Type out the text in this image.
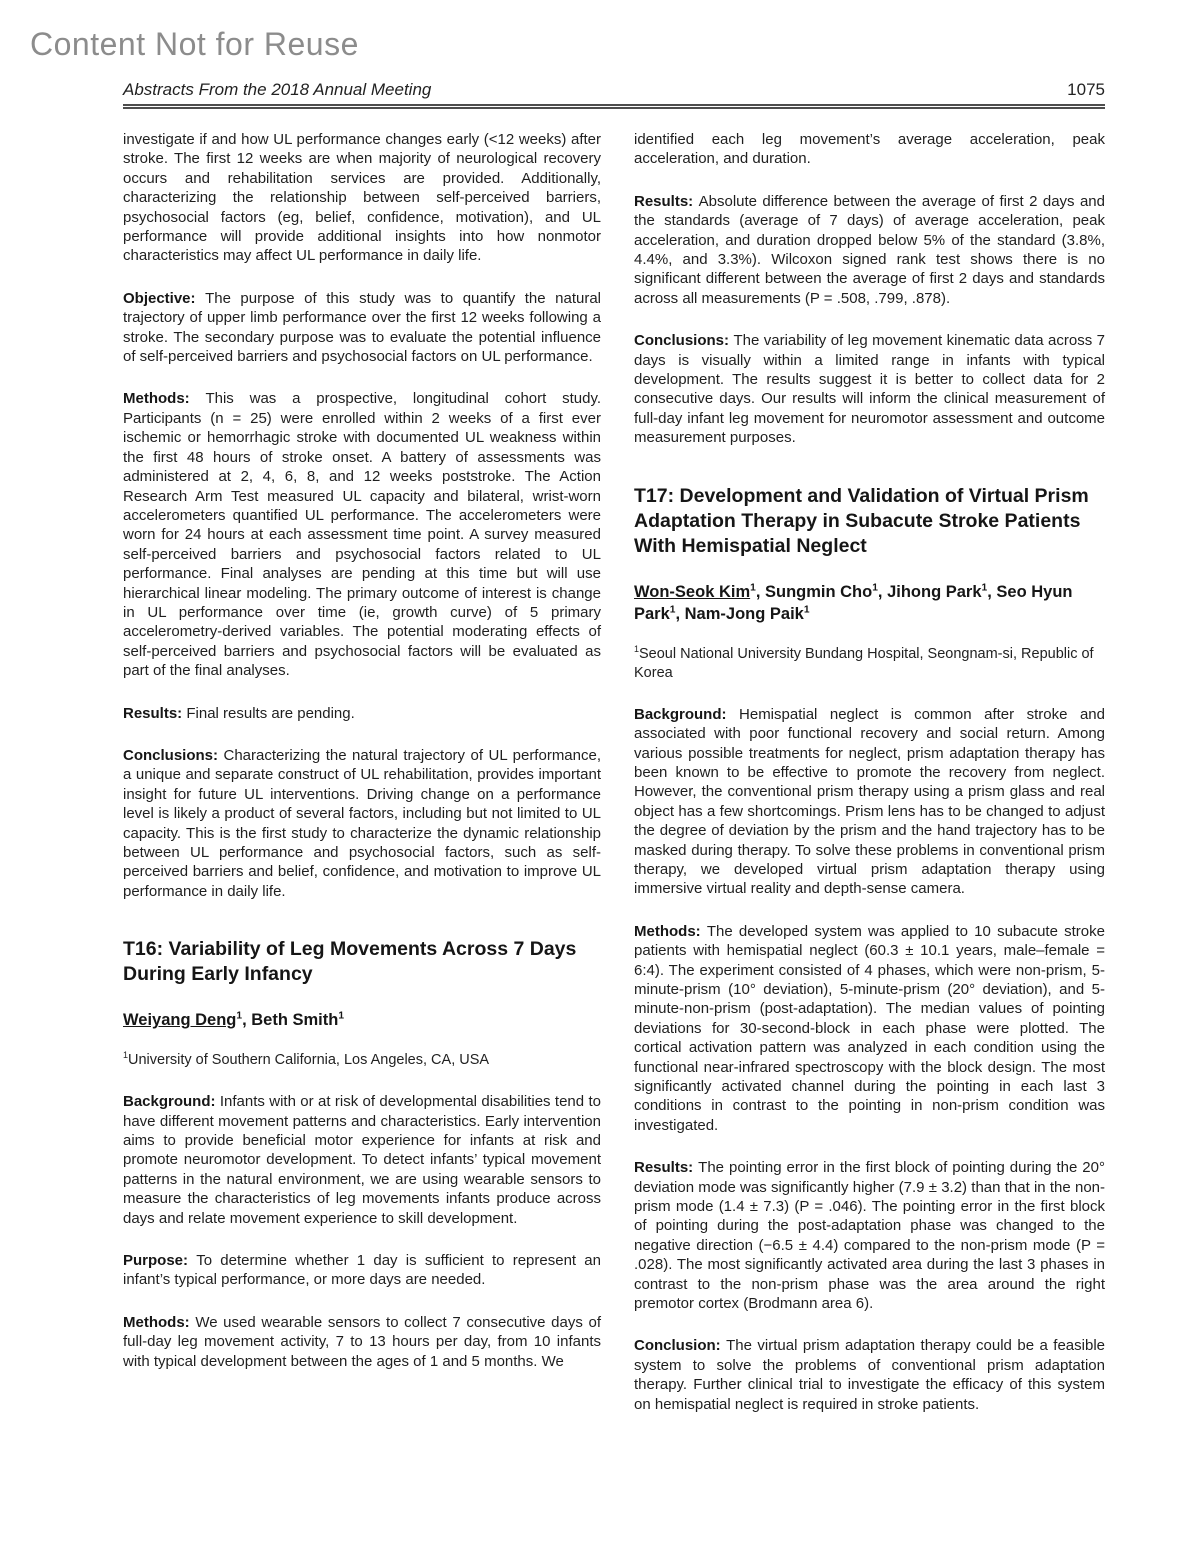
Content Not for Reuse
Abstracts From the 2018 Annual Meeting	1075

investigate if and how UL performance changes early (<12 weeks) after stroke. The first 12 weeks are when majority of neurological recovery occurs and rehabilitation services are provided. Additionally, characterizing the relationship between self-perceived barriers, psychosocial factors (eg, belief, confidence, motivation), and UL performance will provide additional insights into how nonmotor characteristics may affect UL performance in daily life.

Objective: The purpose of this study was to quantify the natural trajectory of upper limb performance over the first 12 weeks following a stroke. The secondary purpose was to evaluate the potential influence of self-perceived barriers and psychosocial factors on UL performance.

Methods: This was a prospective, longitudinal cohort study. Participants (n = 25) were enrolled within 2 weeks of a first ever ischemic or hemorrhagic stroke with documented UL weakness within the first 48 hours of stroke onset. A battery of assessments was administered at 2, 4, 6, 8, and 12 weeks poststroke. The Action Research Arm Test measured UL capacity and bilateral, wrist-worn accelerometers quantified UL performance. The accelerometers were worn for 24 hours at each assessment time point. A survey measured self-perceived barriers and psychosocial factors related to UL performance. Final analyses are pending at this time but will use hierarchical linear modeling. The primary outcome of interest is change in UL performance over time (ie, growth curve) of 5 primary accelerometry-derived variables. The potential moderating effects of self-perceived barriers and psychosocial factors will be evaluated as part of the final analyses.

Results: Final results are pending.

Conclusions: Characterizing the natural trajectory of UL performance, a unique and separate construct of UL rehabilitation, provides important insight for future UL interventions. Driving change on a performance level is likely a product of several factors, including but not limited to UL capacity. This is the first study to characterize the dynamic relationship between UL performance and psychosocial factors, such as self-perceived barriers and belief, confidence, and motivation to improve UL performance in daily life.

T16: Variability of Leg Movements Across 7 Days During Early Infancy

Weiyang Deng$^1$, Beth Smith$^1$

$^1$University of Southern California, Los Angeles, CA, USA

Background: Infants with or at risk of developmental disabilities tend to have different movement patterns and characteristics. Early intervention aims to provide beneficial motor experience for infants at risk and promote neuromotor development. To detect infants’ typical movement patterns in the natural environment, we are using wearable sensors to measure the characteristics of leg movements infants produce across days and relate movement experience to skill development.

Purpose: To determine whether 1 day is sufficient to represent an infant’s typical performance, or more days are needed.

Methods: We used wearable sensors to collect 7 consecutive days of full-day leg movement activity, 7 to 13 hours per day, from 10 infants with typical development between the ages of 1 and 5 months. We

identified each leg movement’s average acceleration, peak acceleration, and duration.

Results: Absolute difference between the average of first 2 days and the standards (average of 7 days) of average acceleration, peak acceleration, and duration dropped below 5% of the standard (3.8%, 4.4%, and 3.3%). Wilcoxon signed rank test shows there is no significant different between the average of first 2 days and standards across all measurements (P = .508, .799, .878).

Conclusions: The variability of leg movement kinematic data across 7 days is visually within a limited range in infants with typical development. The results suggest it is better to collect data for 2 consecutive days. Our results will inform the clinical measurement of full-day infant leg movement for neuromotor assessment and outcome measurement purposes.

T17: Development and Validation of Virtual Prism Adaptation Therapy in Subacute Stroke Patients With Hemispatial Neglect

Won-Seok Kim$^1$, Sungmin Cho$^1$, Jihong Park$^1$, Seo Hyun Park$^1$, Nam-Jong Paik$^1$

$^1$Seoul National University Bundang Hospital, Seongnam-si, Republic of Korea

Background: Hemispatial neglect is common after stroke and associated with poor functional recovery and social return. Among various possible treatments for neglect, prism adaptation therapy has been known to be effective to promote the recovery from neglect. However, the conventional prism therapy using a prism glass and real object has a few shortcomings. Prism lens has to be changed to adjust the degree of deviation by the prism and the hand trajectory has to be masked during therapy. To solve these problems in conventional prism therapy, we developed virtual prism adaptation therapy using immersive virtual reality and depth-sense camera.

Methods: The developed system was applied to 10 subacute stroke patients with hemispatial neglect (60.3 ± 10.1 years, male–female = 6:4). The experiment consisted of 4 phases, which were non-prism, 5-minute-prism (10° deviation), 5-minute-prism (20° deviation), and 5-minute-non-prism (post-adaptation). The median values of pointing deviations for 30-second-block in each phase were plotted. The cortical activation pattern was analyzed in each condition using the functional near-infrared spectroscopy with the block design. The most significantly activated channel during the pointing in each last 3 conditions in contrast to the pointing in non-prism condition was investigated.

Results: The pointing error in the first block of pointing during the 20° deviation mode was significantly higher (7.9 ± 3.2) than that in the non-prism mode (1.4 ± 7.3) (P = .046). The pointing error in the first block of pointing during the post-adaptation phase was changed to the negative direction (−6.5 ± 4.4) compared to the non-prism mode (P = .028). The most significantly activated area during the last 3 phases in contrast to the non-prism phase was the area around the right premotor cortex (Brodmann area 6).

Conclusion: The virtual prism adaptation therapy could be a feasible system to solve the problems of conventional prism adaptation therapy. Further clinical trial to investigate the efficacy of this system on hemispatial neglect is required in stroke patients.
